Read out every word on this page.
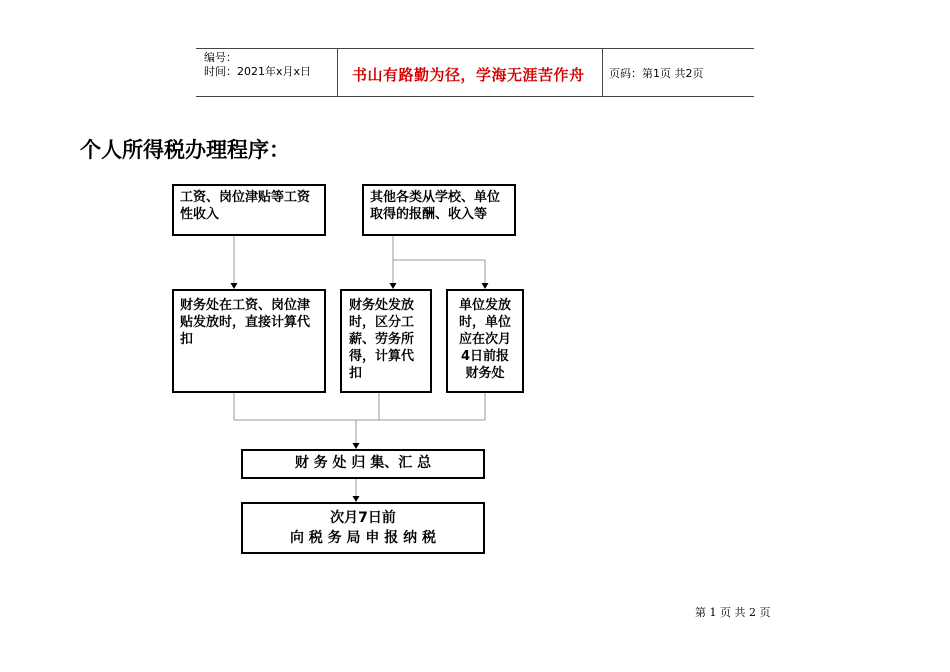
编号：
时间：2021年x月x日	书山有路勤为径，学海无涯苦作舟 页码：第1页 共2页
个人所得税办理程序：
工资、岗位津贴等工资性收入
其他各类从学校、单位取得的报酬、收入等
财务处在工资、岗位津贴发放时，直接计算代扣
财务处发放时，区分工薪、劳务所得，计算代扣
单位发放时，单位应在次月4日前报财务处
财 务 处 归 集、汇 总
次月7日前
向 税 务 局 申 报 纳 税
第 1 页 共 2 页
